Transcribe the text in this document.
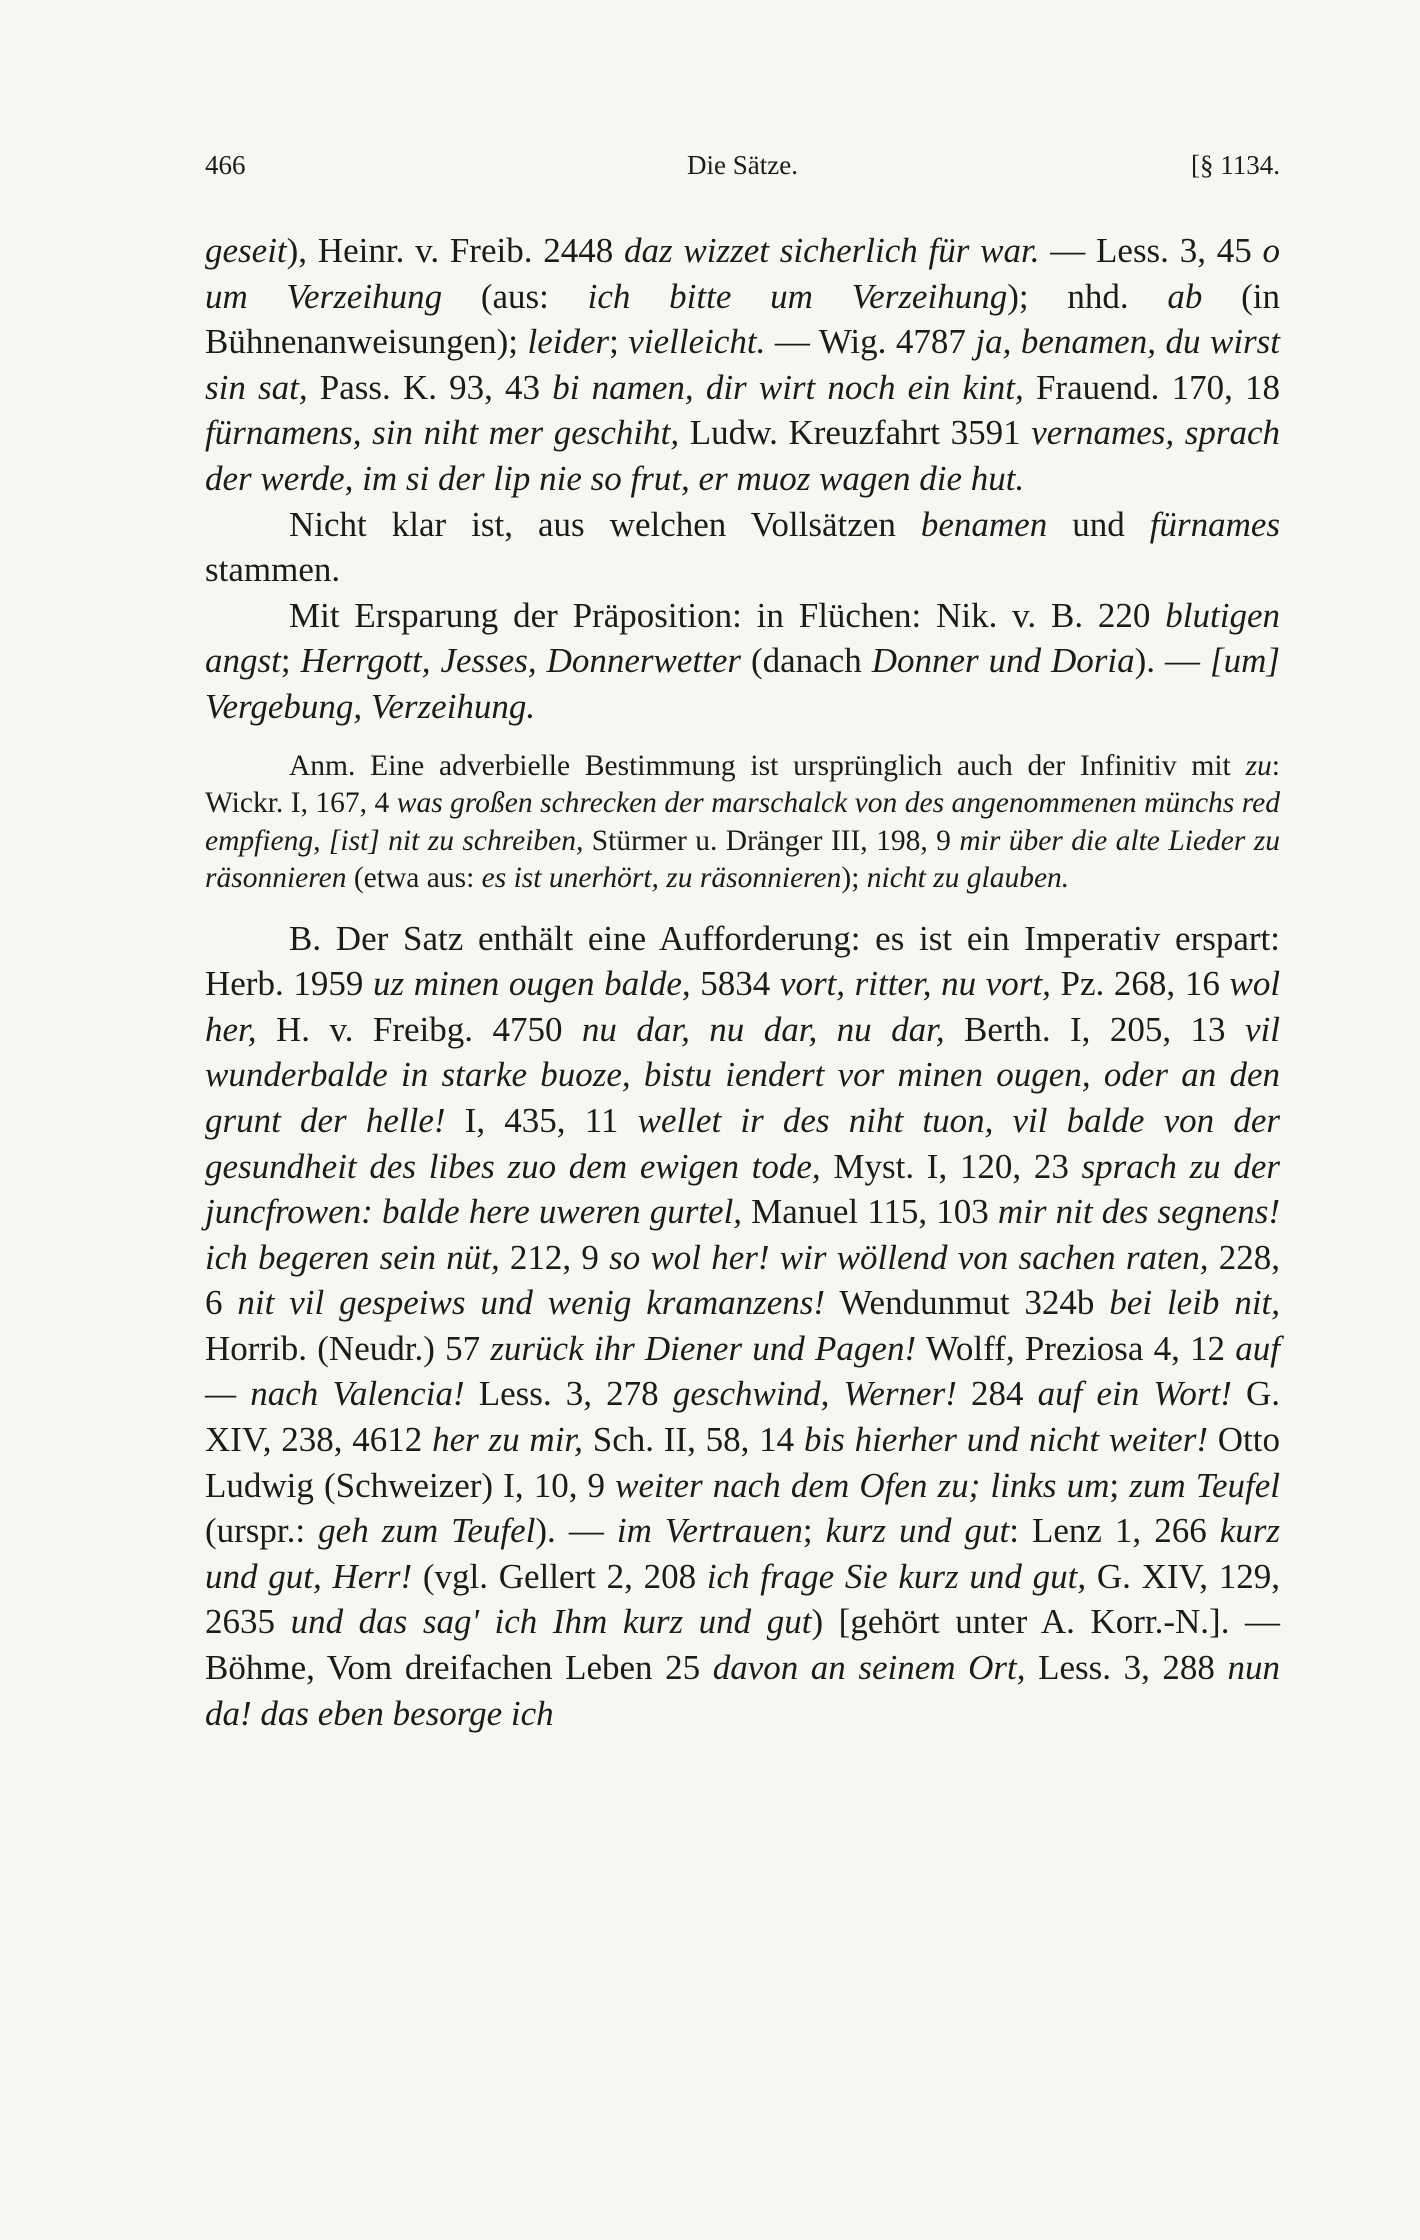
466	Die Sätze.	[§ 1134.

geseit), Heinr. v. Freib. 2448 daz wizzet sicherlich für war. — Less. 3, 45 o um Verzeihung (aus: ich bitte um Verzeihung); nhd. ab (in Bühnenanweisungen); leider; vielleicht. — Wig. 4787 ja, benamen, du wirst sin sat, Pass. K. 93, 43 bi namen, dir wirt noch ein kint, Frauend. 170, 18 fürnamens, sin niht mer geschiht, Ludw. Kreuzfahrt 3591 vernames, sprach der werde, im si der lip nie so frut, er muoz wagen die hut.

Nicht klar ist, aus welchen Vollsätzen benamen und fürnames stammen.

Mit Ersparung der Präposition: in Flüchen: Nik. v. B. 220 blutigen angst; Herrgott, Jesses, Donnerwetter (danach Donner und Doria). — [um] Vergebung, Verzeihung.

Anm. Eine adverbielle Bestimmung ist ursprünglich auch der Infinitiv mit zu: Wickr. I, 167, 4 was großen schrecken der marschalck von des angenommenen münchs red empfieng, [ist] nit zu schreiben, Stürmer u. Dränger III, 198, 9 mir über die alte Lieder zu räsonnieren (etwa aus: es ist unerhört, zu räsonnieren); nicht zu glauben.

B. Der Satz enthält eine Aufforderung: es ist ein Imperativ erspart: Herb. 1959 uz minen ougen balde, 5834 vort, ritter, nu vort, Pz. 268, 16 wol her, H. v. Freibg. 4750 nu dar, nu dar, nu dar, Berth. I, 205, 13 vil wunderbalde in starke buoze, bistu iendert vor minen ougen, oder an den grunt der helle! I, 435, 11 wellet ir des niht tuon, vil balde von der gesundheit des libes zuo dem ewigen tode, Myst. I, 120, 23 sprach zu der juncfrowen: balde here uweren gurtel, Manuel 115, 103 mir nit des segnens! ich begeren sein nüt, 212, 9 so wol her! wir wöllend von sachen raten, 228, 6 nit vil gespeiws und wenig kramanzens! Wendunmut 324b bei leib nit, Horrib. (Neudr.) 57 zurück ihr Diener und Pagen! Wolff, Preziosa 4, 12 auf — nach Valencia! Less. 3, 278 geschwind, Werner! 284 auf ein Wort! G. XIV, 238, 4612 her zu mir, Sch. II, 58, 14 bis hierher und nicht weiter! Otto Ludwig (Schweizer) I, 10, 9 weiter nach dem Ofen zu; links um; zum Teufel (urspr.: geh zum Teufel). — im Vertrauen; kurz und gut: Lenz 1, 266 kurz und gut, Herr! (vgl. Gellert 2, 208 ich frage Sie kurz und gut, G. XIV, 129, 2635 und das sag' ich Ihm kurz und gut) [gehört unter A. Korr.-N.]. — Böhme, Vom dreifachen Leben 25 davon an seinem Ort, Less. 3, 288 nun da! das eben besorge ich
